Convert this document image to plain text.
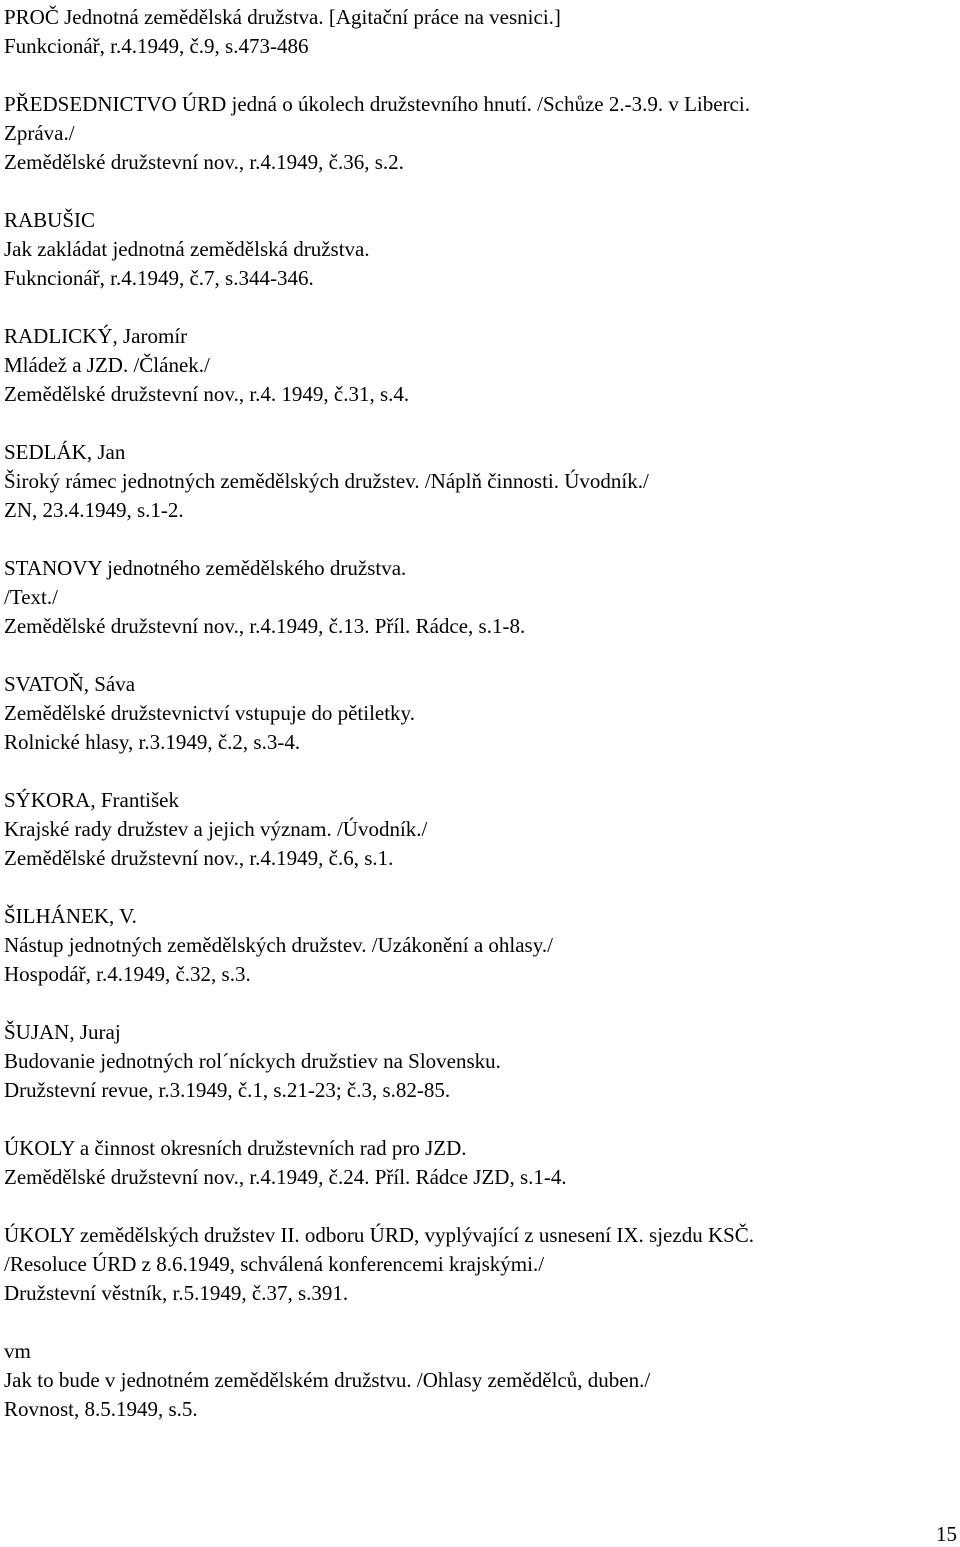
PROČ Jednotná zemědělská družstva. [Agitační práce na vesnici.]
Funkcionář, r.4.1949, č.9, s.473-486
PŘEDSEDNICTVO ÚRD jedná o úkolech družstevního hnutí. /Schůze 2.-3.9. v Liberci.
Zpráva./
Zemědělské družstevní nov., r.4.1949, č.36, s.2.
RABUŠIC
Jak zakládat jednotná zemědělská družstva.
Fukncionář, r.4.1949, č.7, s.344-346.
RADLICKÝ, Jaromír
Mládež a JZD. /Článek./
Zemědělské družstevní nov., r.4. 1949, č.31, s.4.
SEDLÁK, Jan
Široký rámec jednotných zemědělských družstev. /Náplň činnosti. Úvodník./
ZN, 23.4.1949, s.1-2.
STANOVY jednotného zemědělského družstva.
/Text./
Zemědělské družstevní nov., r.4.1949, č.13. Příl. Rádce, s.1-8.
SVATOŇ, Sáva
Zemědělské družstevnictví vstupuje do pětiletky.
Rolnické hlasy, r.3.1949, č.2, s.3-4.
SÝKORA, František
Krajské rady družstev a jejich význam. /Úvodník./
Zemědělské družstevní nov., r.4.1949, č.6, s.1.
ŠILHÁNEK, V.
Nástup jednotných zemědělských družstev. /Uzákonění a ohlasy./
Hospodář, r.4.1949, č.32, s.3.
ŠUJAN, Juraj
Budovanie jednotných rol´níckych družstiev na Slovensku.
Družstevní revue, r.3.1949, č.1, s.21-23; č.3, s.82-85.
ÚKOLY a činnost okresních družstevních rad pro JZD.
Zemědělské družstevní nov., r.4.1949, č.24. Příl. Rádce JZD, s.1-4.
ÚKOLY zemědělských družstev II. odboru ÚRD, vyplývající z usnesení IX. sjezdu KSČ.
/Resoluce ÚRD z 8.6.1949, schválená konferencemi krajskými./
Družstevní věstník, r.5.1949, č.37, s.391.
vm
Jak to bude v jednotném zemědělském družstvu. /Ohlasy zemědělců, duben./
Rovnost, 8.5.1949, s.5.
15
